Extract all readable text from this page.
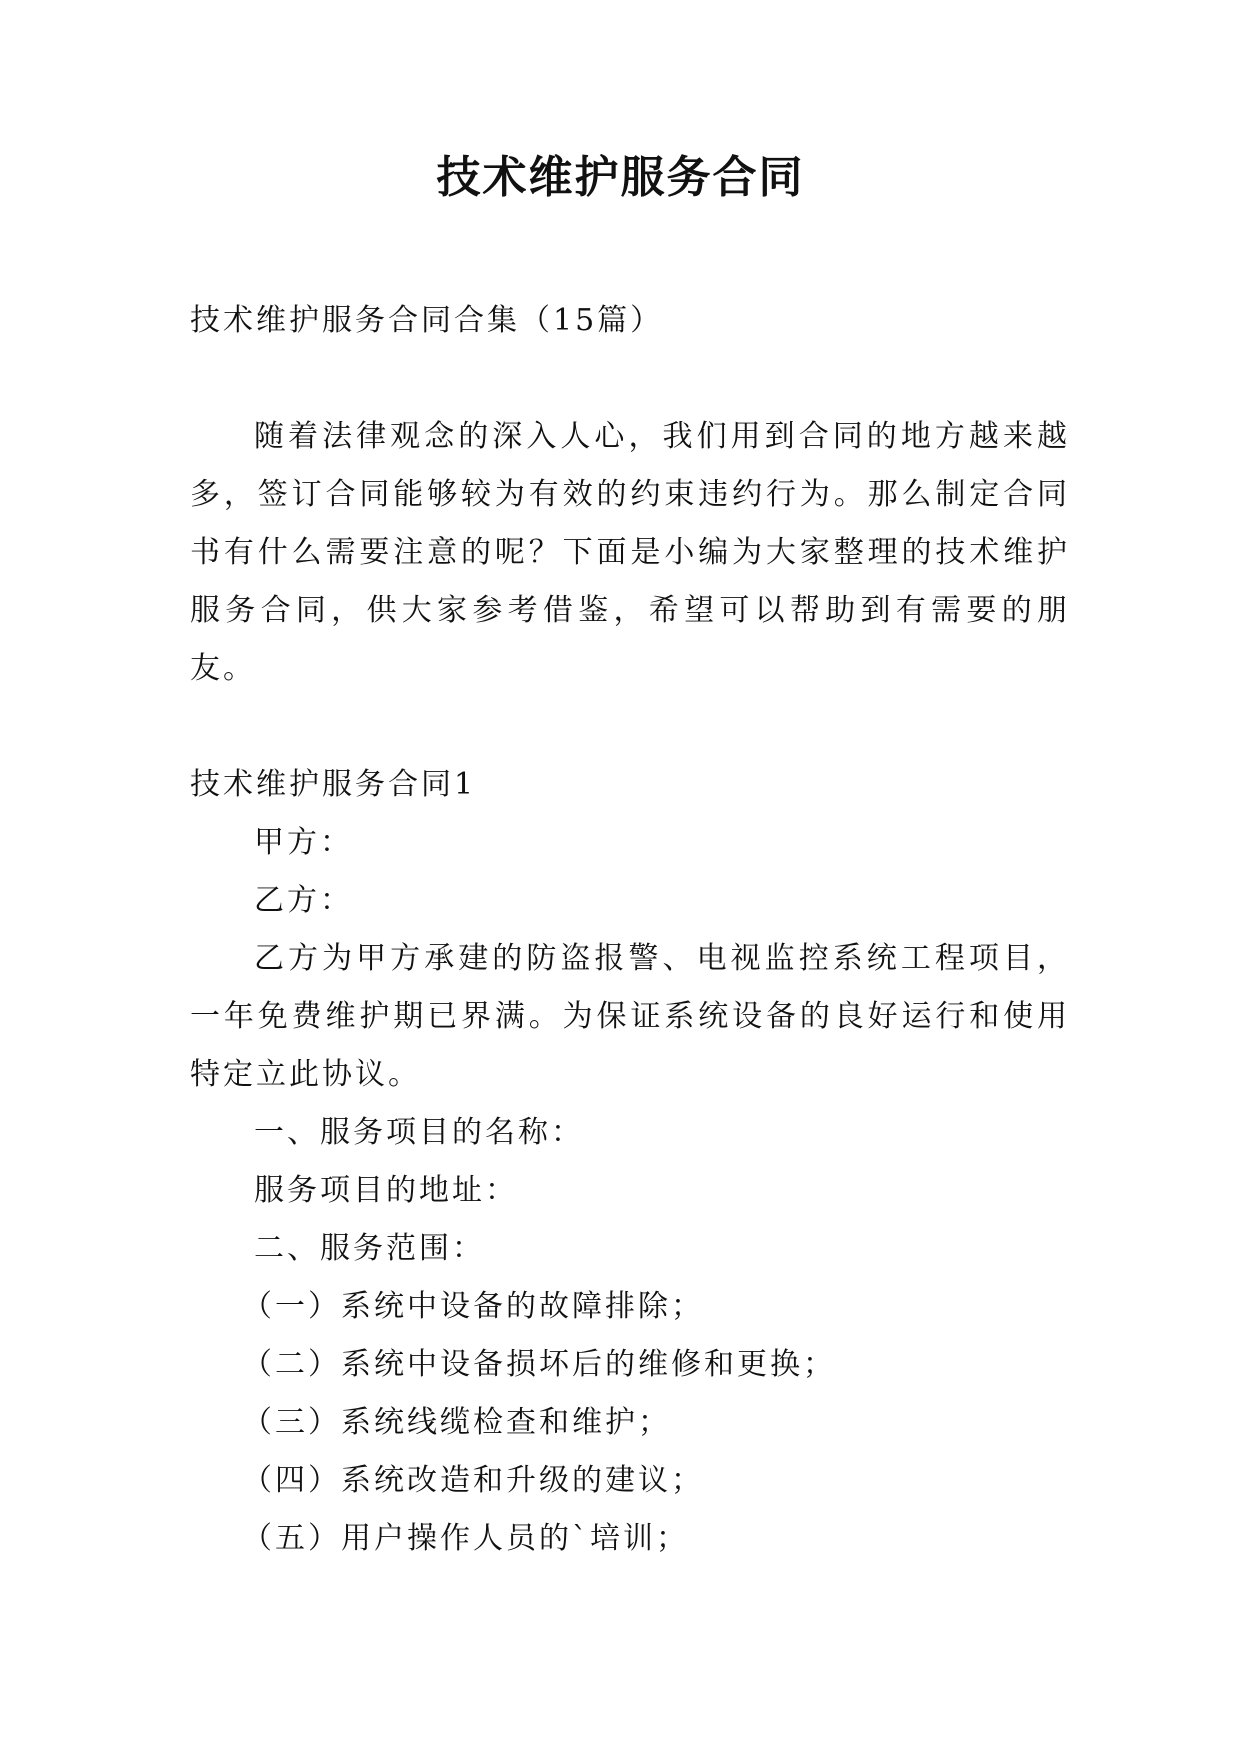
技术维护服务合同

技术维护服务合同合集（15篇）

随着法律观念的深入人心，我们用到合同的地方越来越多，签订合同能够较为有效的约束违约行为。那么制定合同书有什么需要注意的呢？下面是小编为大家整理的技术维护服务合同，供大家参考借鉴，希望可以帮助到有需要的朋友。

技术维护服务合同1

甲方：

乙方：

乙方为甲方承建的防盗报警、电视监控系统工程项目，一年免费维护期已界满。为保证系统设备的良好运行和使用特定立此协议。

一、服务项目的名称：

服务项目的地址：

二、服务范围：

（一）系统中设备的故障排除；

（二）系统中设备损坏后的维修和更换；

（三）系统线缆检查和维护；

（四）系统改造和升级的建议；

（五）用户操作人员的`培训；
